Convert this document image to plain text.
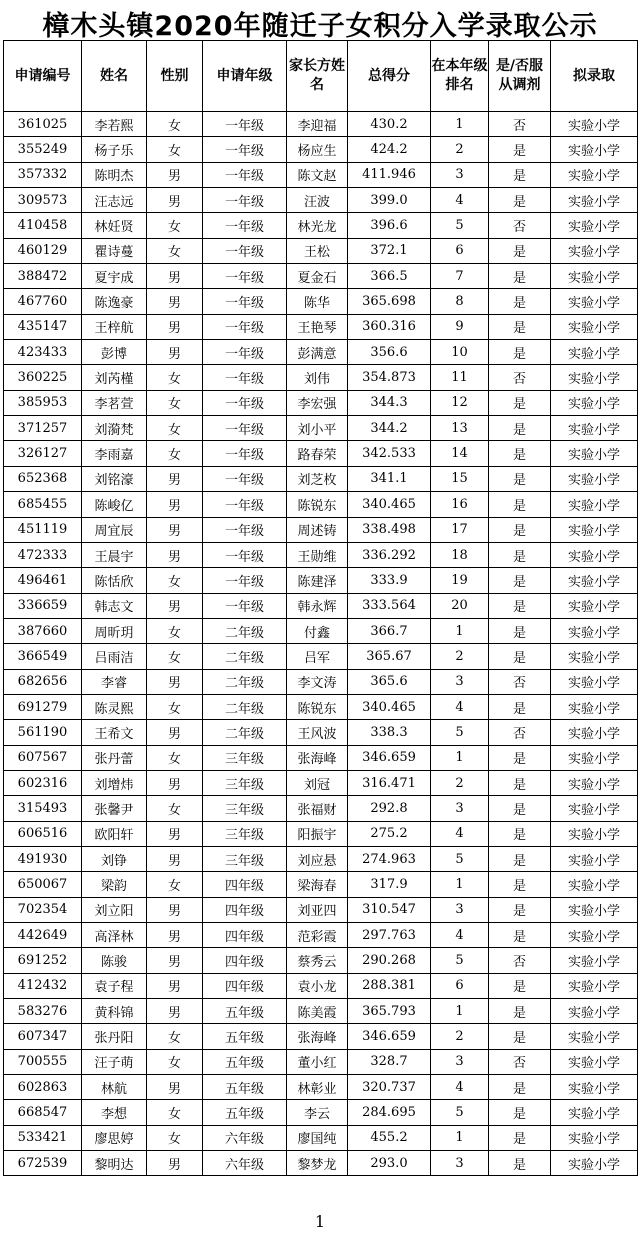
樟木头镇2020年随迁子女积分入学录取公示
申请编号	姓名	性别	申请年级	家长方姓名	总得分	在本年级排名	是/否服从调剂	拟录取
361025	李若熙	女	一年级	李迎福	430.2	1	否	实验小学
355249	杨子乐	女	一年级	杨应生	424.2	2	是	实验小学
357332	陈明杰	男	一年级	陈文赵	411.946	3	是	实验小学
309573	汪志远	男	一年级	汪波	399.0	4	是	实验小学
410458	林妊贤	女	一年级	林光龙	396.6	5	否	实验小学
460129	瞿诗蔓	女	一年级	王松	372.1	6	是	实验小学
388472	夏宇成	男	一年级	夏金石	366.5	7	是	实验小学
467760	陈逸豪	男	一年级	陈华	365.698	8	是	实验小学
435147	王梓航	男	一年级	王艳琴	360.316	9	是	实验小学
423433	彭博	男	一年级	彭满意	356.6	10	是	实验小学
360225	刘芮槿	女	一年级	刘伟	354.873	11	否	实验小学
385953	李茗萱	女	一年级	李宏强	344.3	12	是	实验小学
371257	刘漪梵	女	一年级	刘小平	344.2	13	是	实验小学
326127	李雨嘉	女	一年级	路春荣	342.533	14	是	实验小学
652368	刘铭濠	男	一年级	刘芝枚	341.1	15	是	实验小学
685455	陈峻亿	男	一年级	陈锐东	340.465	16	是	实验小学
451119	周宜辰	男	一年级	周述铸	338.498	17	是	实验小学
472333	王晨宇	男	一年级	王勋维	336.292	18	是	实验小学
496461	陈恬欣	女	一年级	陈建泽	333.9	19	是	实验小学
336659	韩志文	男	一年级	韩永辉	333.564	20	是	实验小学
387660	周昕玥	女	二年级	付鑫	366.7	1	是	实验小学
366549	吕雨洁	女	二年级	吕军	365.67	2	是	实验小学
682656	李睿	男	二年级	李文涛	365.6	3	否	实验小学
691279	陈灵熙	女	二年级	陈锐东	340.465	4	是	实验小学
561190	王希文	男	二年级	王风波	338.3	5	否	实验小学
607567	张丹蕾	女	三年级	张海峰	346.659	1	是	实验小学
602316	刘增炜	男	三年级	刘冠	316.471	2	是	实验小学
315493	张馨尹	女	三年级	张福财	292.8	3	是	实验小学
606516	欧阳轩	男	三年级	阳振宇	275.2	4	是	实验小学
491930	刘铮	男	三年级	刘应悬	274.963	5	是	实验小学
650067	梁韵	女	四年级	梁海春	317.9	1	是	实验小学
702354	刘立阳	男	四年级	刘亚四	310.547	3	是	实验小学
442649	高泽林	男	四年级	范彩霞	297.763	4	是	实验小学
691252	陈骏	男	四年级	蔡秀云	290.268	5	否	实验小学
412432	袁子程	男	四年级	袁小龙	288.381	6	是	实验小学
583276	黄科锦	男	五年级	陈美霞	365.793	1	是	实验小学
607347	张丹阳	女	五年级	张海峰	346.659	2	是	实验小学
700555	汪子萌	女	五年级	董小红	328.7	3	否	实验小学
602863	林航	男	五年级	林彰业	320.737	4	是	实验小学
668547	李想	女	五年级	李云	284.695	5	是	实验小学
533421	廖思婷	女	六年级	廖国纯	455.2	1	是	实验小学
672539	黎明达	男	六年级	黎梦龙	293.0	3	是	实验小学
1
